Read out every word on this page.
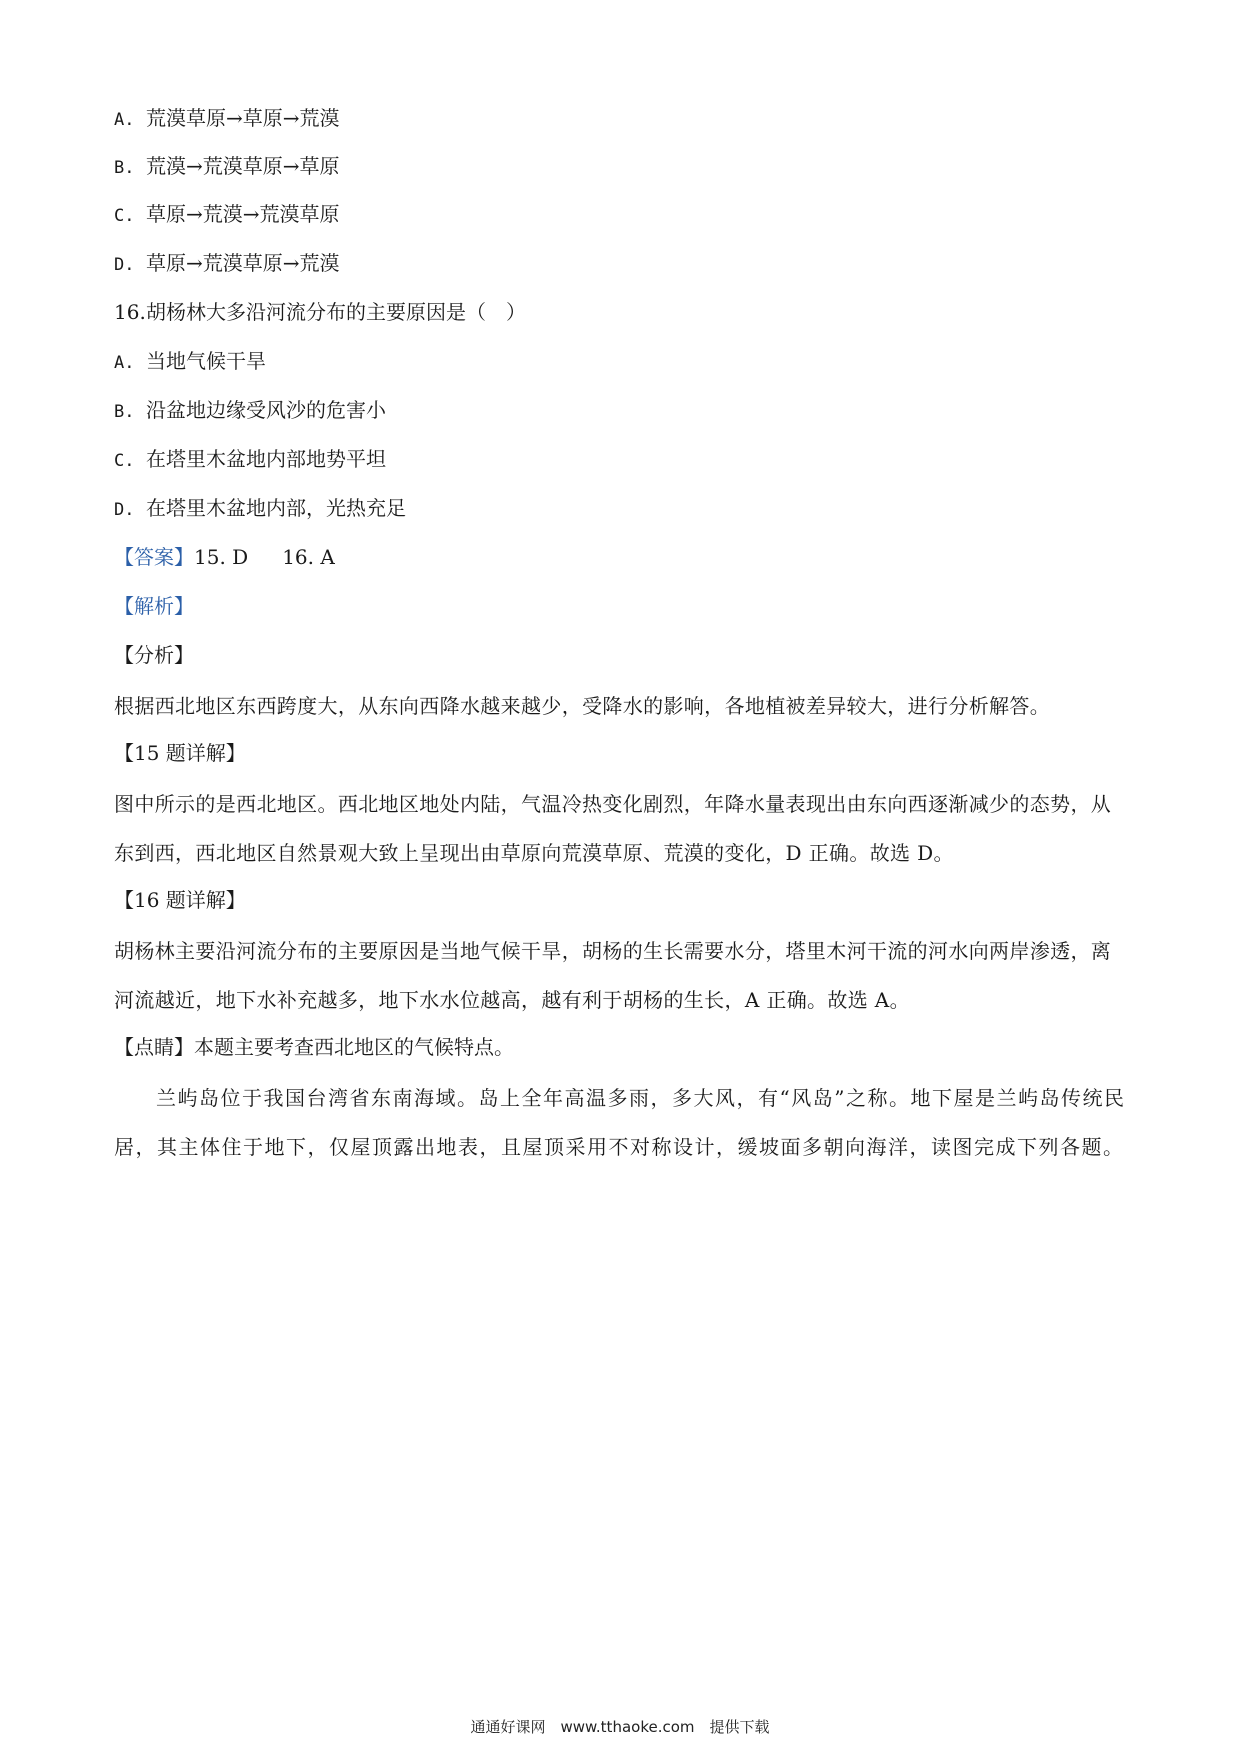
A. 荒漠草原→草原→荒漠
B. 荒漠→荒漠草原→草原
C. 草原→荒漠→荒漠草原
D. 草原→荒漠草原→荒漠
16.胡杨林大多沿河流分布的主要原因是（　）
A. 当地气候干旱
B. 沿盆地边缘受风沙的危害小
C. 在塔里木盆地内部地势平坦
D. 在塔里木盆地内部，光热充足
【答案】15. D 16. A
【解析】
【分析】
根据西北地区东西跨度大，从东向西降水越来越少，受降水的影响，各地植被差异较大，进行分析解答。
【15 题详解】
图中所示的是西北地区。西北地区地处内陆，气温冷热变化剧烈，年降水量表现出由东向西逐渐减少的态势，从东到西，西北地区自然景观大致上呈现出由草原向荒漠草原、荒漠的变化，D 正确。故选 D。
【16 题详解】
胡杨林主要沿河流分布的主要原因是当地气候干旱，胡杨的生长需要水分，塔里木河干流的河水向两岸渗透，离河流越近，地下水补充越多，地下水水位越高，越有利于胡杨的生长，A 正确。故选 A。
【点睛】本题主要考查西北地区的气候特点。
兰屿岛位于我国台湾省东南海域。岛上全年高温多雨，多大风，有“风岛”之称。地下屋是兰屿岛传统民居，其主体住于地下，仅屋顶露出地表，且屋顶采用不对称设计，缓坡面多朝向海洋，读图完成下列各题。
通通好课网　www.tthaoke.com　提供下载
